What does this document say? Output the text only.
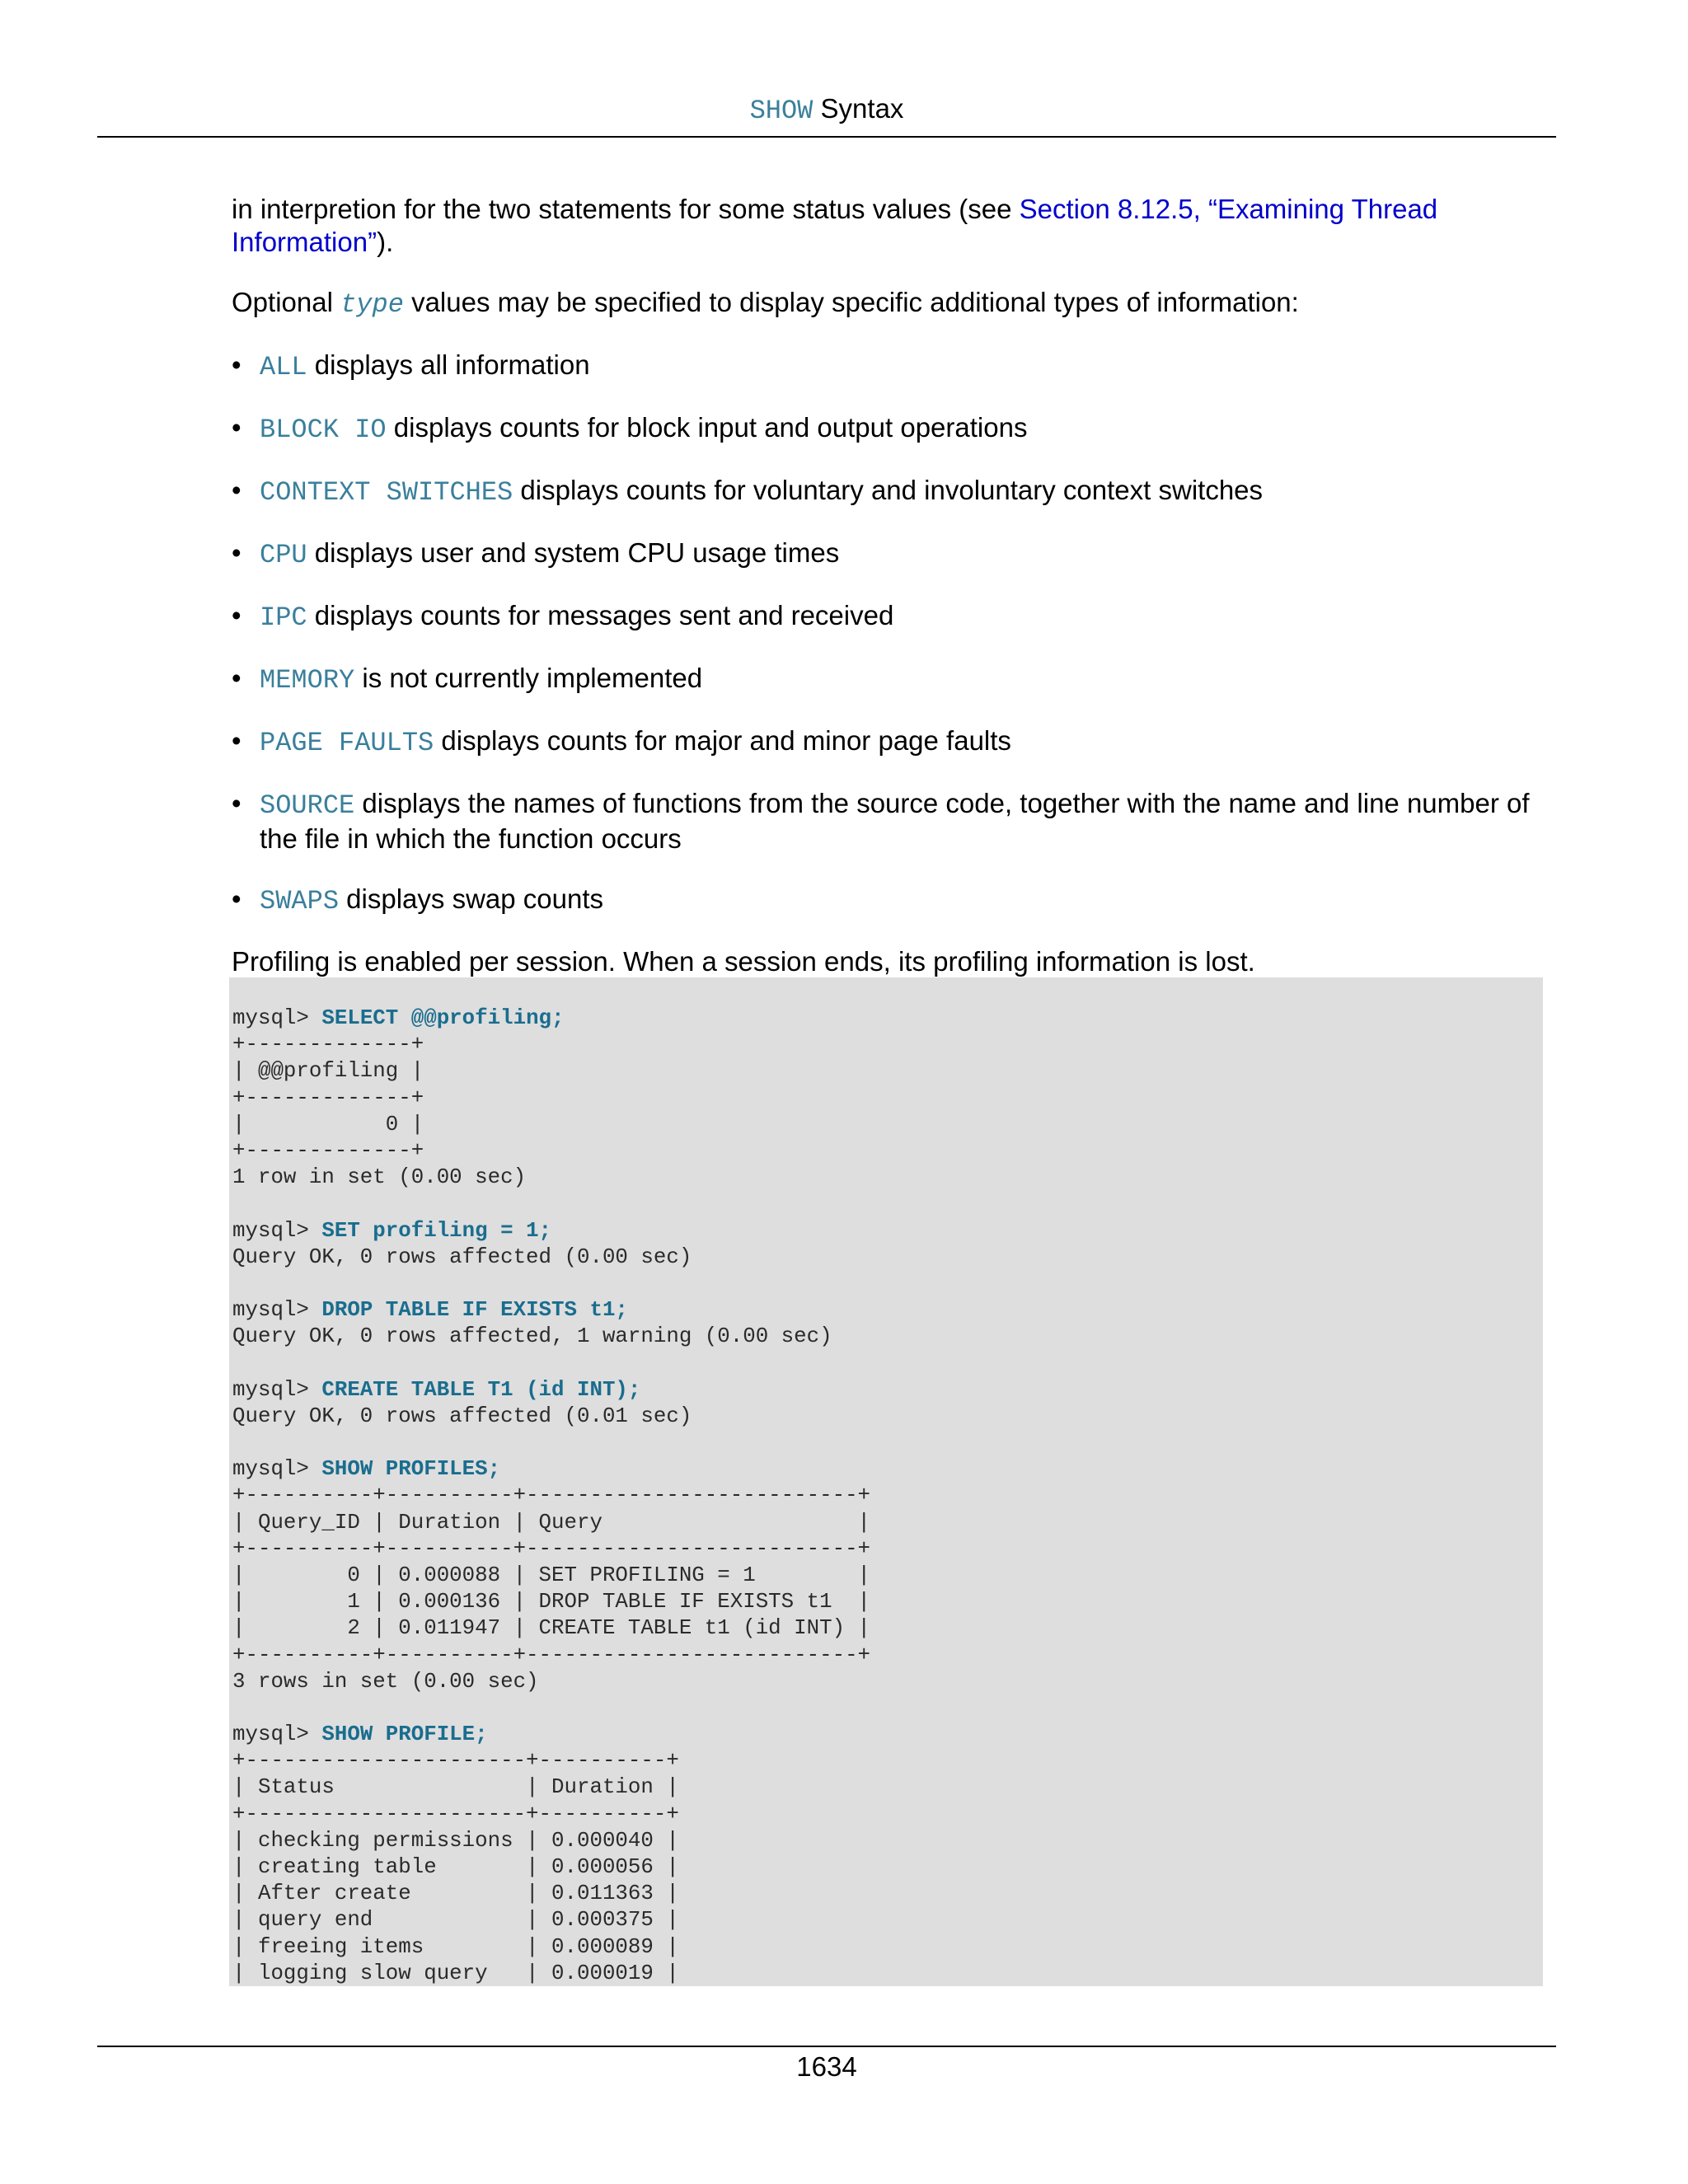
SHOW Syntax

in interpretion for the two statements for some status values (see Section 8.12.5, “Examining Thread Information”).

Optional type values may be specified to display specific additional types of information:

• ALL displays all information
• BLOCK IO displays counts for block input and output operations
• CONTEXT SWITCHES displays counts for voluntary and involuntary context switches
• CPU displays user and system CPU usage times
• IPC displays counts for messages sent and received
• MEMORY is not currently implemented
• PAGE FAULTS displays counts for major and minor page faults
• SOURCE displays the names of functions from the source code, together with the name and line number of the file in which the function occurs
• SWAPS displays swap counts

Profiling is enabled per session. When a session ends, its profiling information is lost.

mysql> SELECT @@profiling;
+-------------+
| @@profiling |
+-------------+
|           0 |
+-------------+
1 row in set (0.00 sec)
mysql> SET profiling = 1;
Query OK, 0 rows affected (0.00 sec)
mysql> DROP TABLE IF EXISTS t1;
Query OK, 0 rows affected, 1 warning (0.00 sec)
mysql> CREATE TABLE T1 (id INT);
Query OK, 0 rows affected (0.01 sec)
mysql> SHOW PROFILES;
+----------+----------+--------------------------+
| Query_ID | Duration | Query                    |
+----------+----------+--------------------------+
|        0 | 0.000088 | SET PROFILING = 1        |
|        1 | 0.000136 | DROP TABLE IF EXISTS t1  |
|        2 | 0.011947 | CREATE TABLE t1 (id INT) |
+----------+----------+--------------------------+
3 rows in set (0.00 sec)
mysql> SHOW PROFILE;
+----------------------+----------+
| Status               | Duration |
+----------------------+----------+
| checking permissions | 0.000040 |
| creating table       | 0.000056 |
| After create         | 0.011363 |
| query end            | 0.000375 |
| freeing items        | 0.000089 |
| logging slow query   | 0.000019 |
1634
